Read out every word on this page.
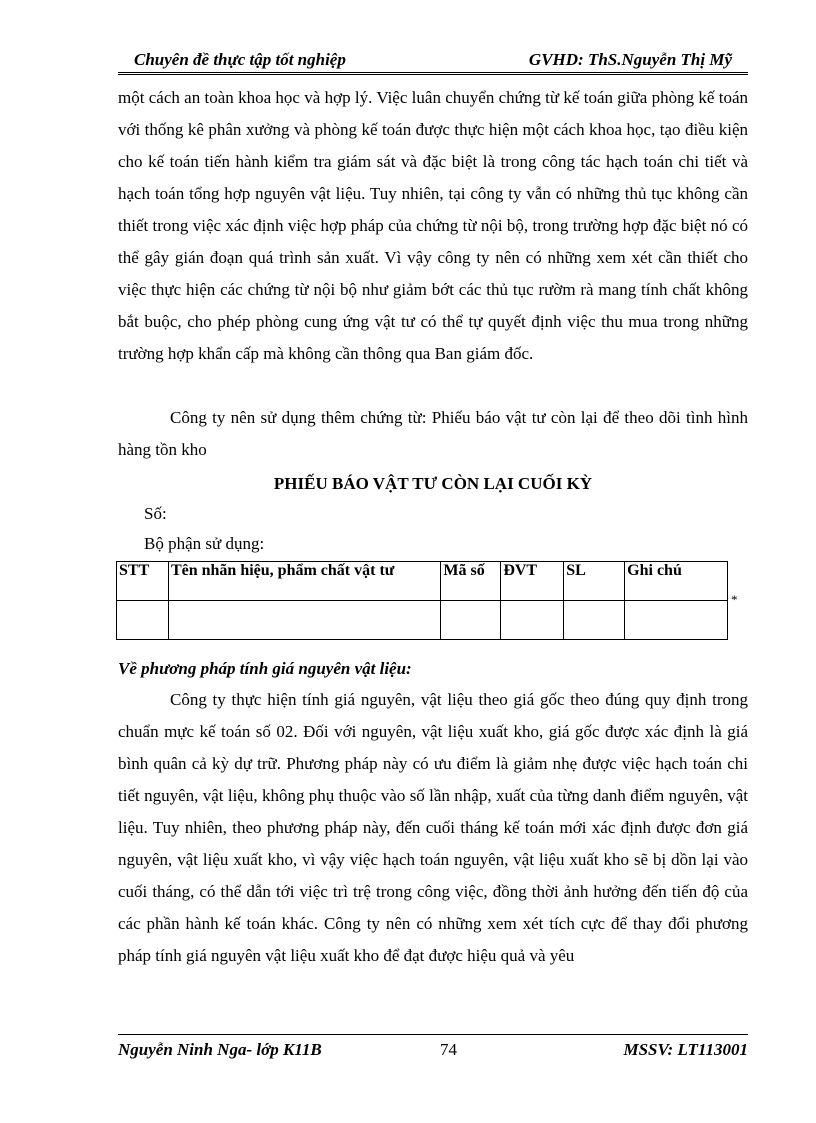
Chuyên đề thực tập tốt nghiệp	GVHD: ThS.Nguyễn Thị Mỹ
một cách an toàn khoa học và hợp lý. Việc luân chuyển chứng từ kế toán giữa phòng kế toán với thống kê phân xưởng và phòng kế toán được thực hiện một cách khoa học, tạo điều kiện cho kế toán tiến hành kiểm tra giám sát và đặc biệt là trong công tác hạch toán chi tiết và hạch toán tổng hợp nguyên vật liệu. Tuy nhiên, tại công ty vẫn có những thủ tục không cần thiết trong việc xác định việc hợp pháp của chứng từ nội bộ, trong trường hợp đặc biệt nó có thể gây gián đoạn quá trình sản xuất. Vì vậy công ty nên có những xem xét cần thiết cho việc thực hiện các chứng từ nội bộ như giảm bớt các thủ tục rườm rà mang tính chất không bắt buộc, cho phép phòng cung ứng vật tư có thể tự quyết định việc thu mua trong những trường hợp khẩn cấp mà không cần thông qua Ban giám đốc.
Công ty nên sử dụng thêm chứng từ: Phiếu báo vật tư còn lại để theo dõi tình hình hàng tồn kho
PHIẾU BÁO VẬT TƯ CÒN LẠI CUỐI KỲ
Số:
Bộ phận sử dụng:
STT	Tên nhãn hiệu, phẩm chất vật tư	Mã số	ĐVT	SL	Ghi chú

*
Về phương pháp tính giá nguyên vật liệu:
Công ty thực hiện tính giá nguyên, vật liệu theo giá gốc theo đúng quy định trong chuẩn mực kế toán số 02. Đối với nguyên, vật liệu xuất kho, giá gốc được xác định là giá bình quân cả kỳ dự trữ. Phương pháp này có ưu điểm là giảm nhẹ được việc hạch toán chi tiết nguyên, vật liệu, không phụ thuộc vào số lần nhập, xuất của từng danh điểm nguyên, vật liệu. Tuy nhiên, theo phương pháp này, đến cuối tháng kế toán mới xác định được đơn giá nguyên, vật liệu xuất kho, vì vậy việc hạch toán nguyên, vật liệu xuất kho sẽ bị dồn lại vào cuối tháng, có thể dẫn tới việc trì trệ trong công việc, đồng thời ảnh hưởng đến tiến độ của các phần hành kế toán khác. Công ty nên có những xem xét tích cực để thay đổi phương pháp tính giá nguyên vật liệu xuất kho để đạt được hiệu quả và yêu
Nguyễn Ninh Nga- lớp K11B	74	MSSV: LT113001
